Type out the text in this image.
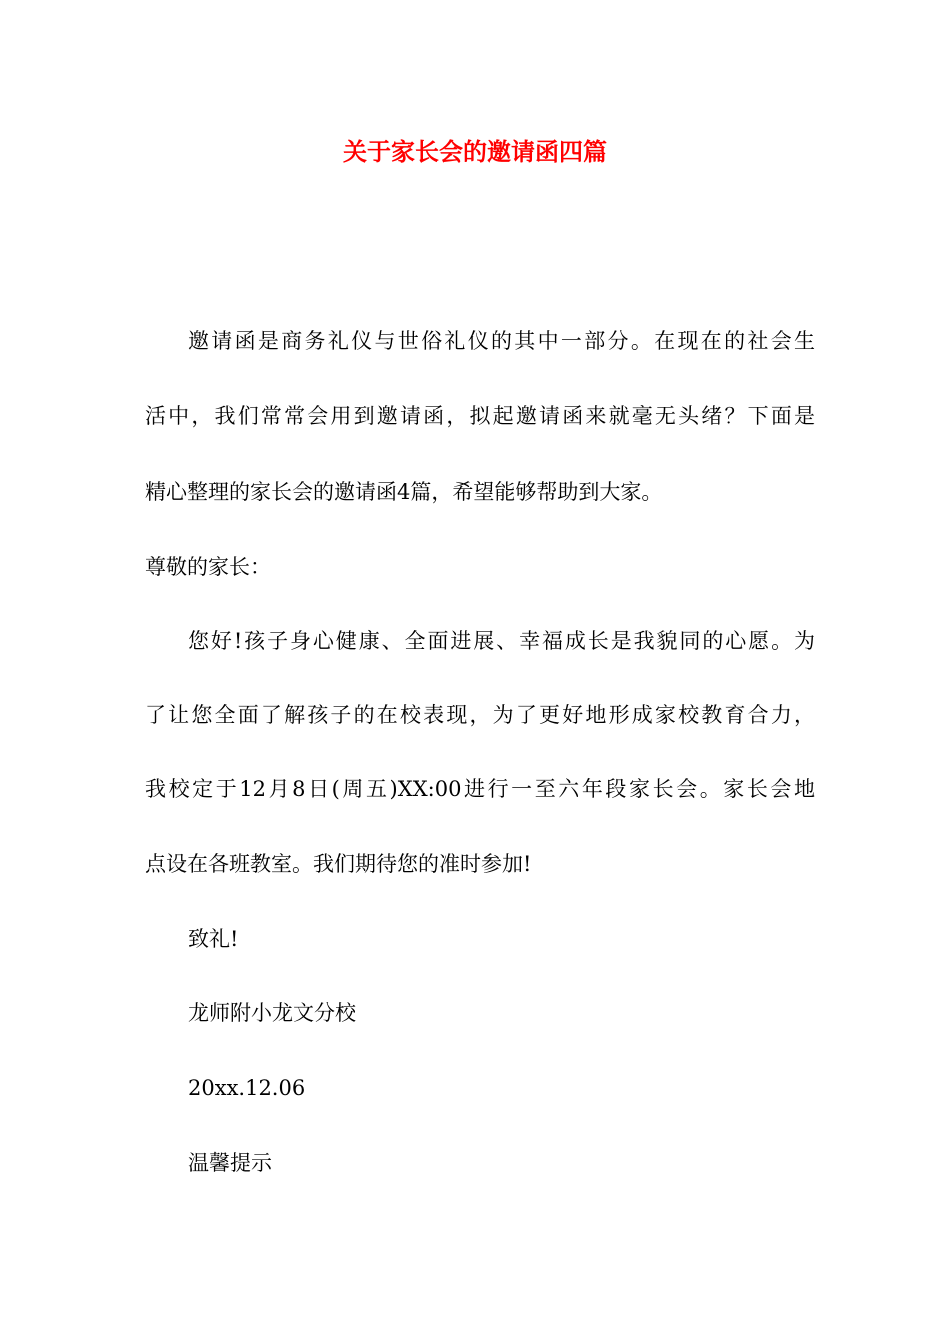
关于家长会的邀请函四篇
邀请函是商务礼仪与世俗礼仪的其中一部分。在现在的社会生
活中，我们常常会用到邀请函，拟起邀请函来就毫无头绪？下面是
精心整理的家长会的邀请函4篇，希望能够帮助到大家。
尊敬的家长：
您好!孩子身心健康、全面进展、幸福成长是我貌同的心愿。为
了让您全面了解孩子的在校表现，为了更好地形成家校教育合力，
我校定于12月8日(周五)XX:00进行一至六年段家长会。家长会地
点设在各班教室。我们期待您的准时参加!
致礼!
龙师附小龙文分校
20xx.12.06
温馨提示
